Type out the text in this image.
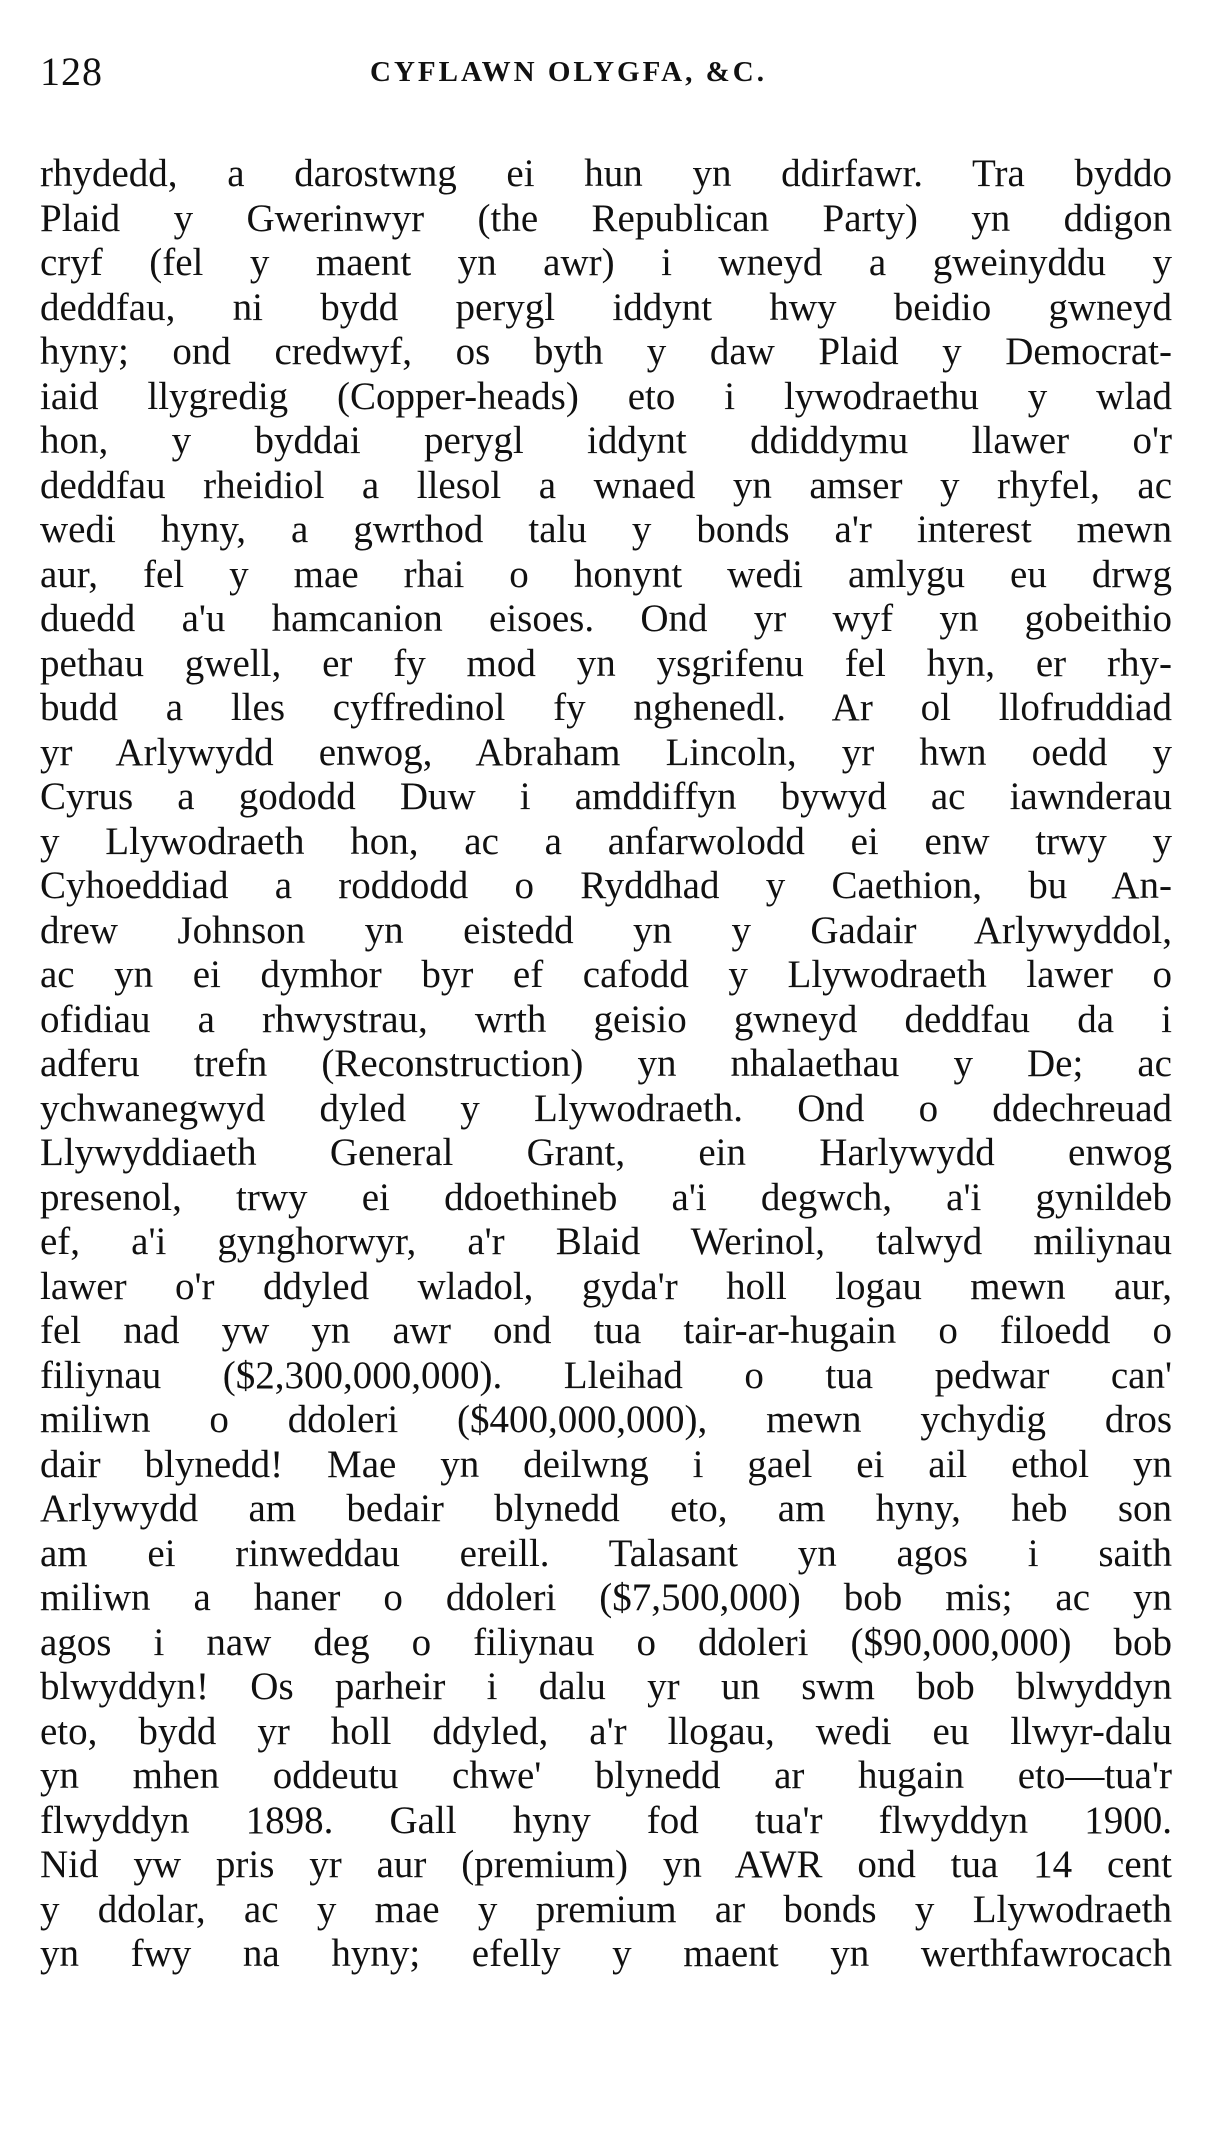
128	CYFLAWN OLYGFA, &C.
rhydedd, a darostwng ei hun yn ddirfawr. Tra byddo
Plaid y Gwerinwyr (the Republican Party) yn ddigon
cryf (fel y maent yn awr) i wneyd a gweinyddu y
deddfau, ni bydd perygl iddynt hwy beidio gwneyd
hyny; ond credwyf, os byth y daw Plaid y Democrat-
iaid llygredig (Copper-heads) eto i lywodraethu y wlad
hon, y byddai perygl iddynt ddiddymu llawer o'r
deddfau rheidiol a llesol a wnaed yn amser y rhyfel, ac
wedi hyny, a gwrthod talu y bonds a'r interest mewn
aur, fel y mae rhai o honynt wedi amlygu eu drwg
duedd a'u hamcanion eisoes. Ond yr wyf yn gobeithio
pethau gwell, er fy mod yn ysgrifenu fel hyn, er rhy-
budd a lles cyffredinol fy nghenedl. Ar ol llofruddiad
yr Arlywydd enwog, Abraham Lincoln, yr hwn oedd y
Cyrus a gododd Duw i amddiffyn bywyd ac iawnderau
y Llywodraeth hon, ac a anfarwolodd ei enw trwy y
Cyhoeddiad a roddodd o Ryddhad y Caethion, bu An-
drew Johnson yn eistedd yn y Gadair Arlywyddol,
ac yn ei dymhor byr ef cafodd y Llywodraeth lawer o
ofidiau a rhwystrau, wrth geisio gwneyd deddfau da i
adferu trefn (Reconstruction) yn nhalaethau y De; ac
ychwanegwyd dyled y Llywodraeth. Ond o ddechreuad
Llywyddiaeth General Grant, ein Harlywydd enwog
presenol, trwy ei ddoethineb a'i degwch, a'i gynildeb
ef, a'i gynghorwyr, a'r Blaid Werinol, talwyd miliynau
lawer o'r ddyled wladol, gyda'r holl logau mewn aur,
fel nad yw yn awr ond tua tair-ar-hugain o filoedd o
filiynau ($2,300,000,000). Lleihad o tua pedwar can'
miliwn o ddoleri ($400,000,000), mewn ychydig dros
dair blynedd! Mae yn deilwng i gael ei ail ethol yn
Arlywydd am bedair blynedd eto, am hyny, heb son
am ei rinweddau ereill. Talasant yn agos i saith
miliwn a haner o ddoleri ($7,500,000) bob mis; ac yn
agos i naw deg o filiynau o ddoleri ($90,000,000) bob
blwyddyn! Os parheir i dalu yr un swm bob blwyddyn
eto, bydd yr holl ddyled, a'r llogau, wedi eu llwyr-dalu
yn mhen oddeutu chwe' blynedd ar hugain eto—tua'r
flwyddyn 1898. Gall hyny fod tua'r flwyddyn 1900.
Nid yw pris yr aur (premium) yn AWR ond tua 14 cent
y ddolar, ac y mae y premium ar bonds y Llywodraeth
yn fwy na hyny; efelly y maent yn werthfawrocach
